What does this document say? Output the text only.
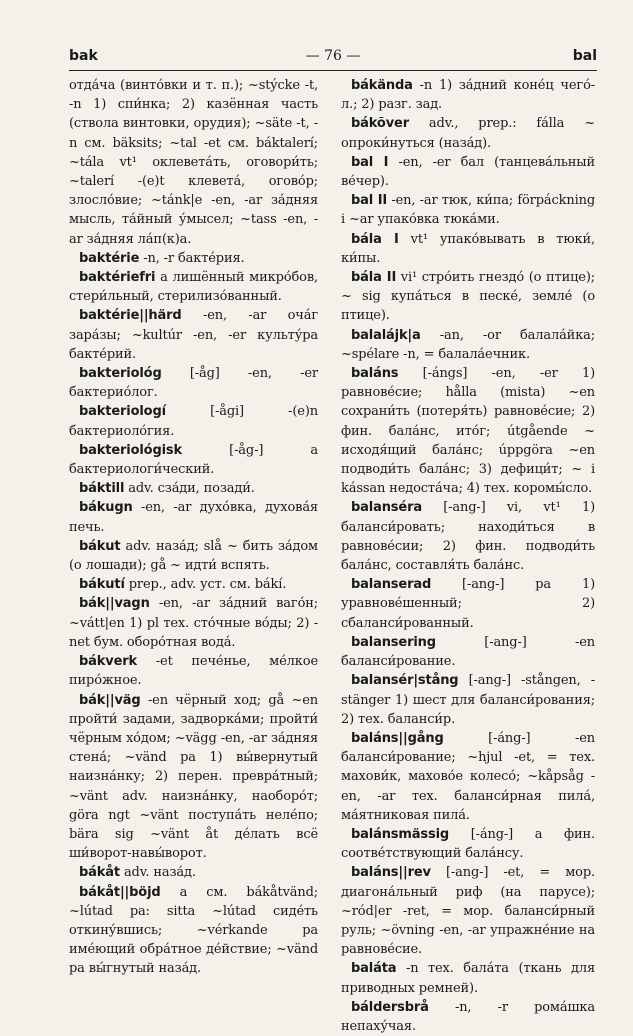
bak	— 76 —	bal

отда́ча (винто́вки и т. п.); ~stýcke -t, -n 1) спи́нка; 2) казённая часть (ствола винтовки, орудия); ~säte -t, -n см. bäksits; ~tal -et см. báktalerí; ~tála vt¹ оклевета́ть, оговори́ть; ~talerí -(e)t клевета́, огово́р; злосло́вие; ~tánk|e -en, -ar за́дняя мысль, та́йный у́мысел; ~tass -en, -ar за́дняя ла́п(к)а.

baktérie -n, -r бакте́рия.

baktériefri a лишённый микро́бов, стери́льный, стерилизо́ванный.

baktérie||härd -en, -ar оча́г зара́зы; ~kultúr -en, -er культу́ра бакте́рий.

bakteriológ [-åg] -en, -er бактерио́лог.

bakteriologí [-ågi] -(e)n бактериоло́гия.

bakteriológisk [-åg-] a бактериологи́ческий.

báktill adv. сза́ди, позади́.

bákugn -en, -ar духо́вка, духова́я печь.

bákut adv. наза́д; slå ~ бить за́дом (о лошади); gå ~ идти́ вспять.

bákutí prep., adv. уст. см. bákí.

bák||vagn -en, -ar за́дний ваго́н; ~vátt|en 1) pl тех. сто́чные во́ды; 2) -net бум. оборо́тная вода́.

bákverk -et пече́нье, ме́лкое пиро́жное.

bák||väg -en чёрный ход; gå ~en пройти́ задами, задворка́ми; пройти́ чёрным хо́дом; ~vägg -en, -ar за́дняя стена́; ~vänd pa 1) вы́вернутый наизна́нку; 2) перен. превра́тный; ~vänt adv. наизна́нку, наоборо́т; göra ngt ~vänt поступа́ть неле́по; bära sig ~vänt åt де́лать всё ши́ворот-навы́ворот.

bákåt adv. наза́д.

bákåt||böjd a см. bákåtvänd; ~lútad pa: sitta ~lútad сиде́ть откину́вшись; ~vérkande pa име́ющий обра́тное де́йствие; ~vänd pa вы́гнутый наза́д.

bákända -n 1) за́дний коне́ц чего́-л.; 2) разг. зад.

bákõver adv., prep.: fálla ~ опроки́нуться (наза́д).

bal I -en, -er бал (танцева́льный ве́чер).

bal II -en, -ar тюк, ки́па; förpáckning i ~ar упако́вка тюка́ми.

bála I vt¹ упако́вывать в тюки́, ки́пы.

bála II vi¹ стро́ить гнездо́ (о птице); ~ sig купа́ться в песке́, земле́ (о птице).

balaláјk|a -an, -or балала́йка; ~spélare -n, = балала́ечник.

baláns [-ángs] -en, -er 1) равнове́сие; hålla (mista) ~en сохрани́ть (потеря́ть) равнове́сие; 2) фин. бала́нс, ито́г; útgående ~ исходя́щий бала́нс; úppgöra ~en подводи́ть бала́нс; 3) дефици́т; ~ i kássan недоста́ча; 4) тех. коромы́сло.

balanséra [-ang-] vi, vt¹ 1) баланси́ровать; находи́ться в равнове́сии; 2) фин. подводи́ть бала́нс, составля́ть бала́нс.

balanserad [-ang-] pa 1) уравнове́шенный; 2) сбаланси́рованный.

balansering [-ang-] -en баланси́рование.

balansér|stång [-ang-] -stången, -stänger 1) шест для баланси́рования; 2) тех. баланси́р.

baláns||gång [-áng-] -en баланси́рование; ~hjul -et, = тех. махови́к, махово́е колесо́; ~kåpsåg -en, -ar тех. баланси́рная пила́, ма́ятниковая пила́.

balánsmässig [-áng-] a фин. соотве́тствующий бала́нсу.

baláns||rev [-ang-] -et, = мор. диагона́льный риф (на парусе); ~ród|er -ret, = мор. баланси́рный руль; ~övning -en, -ar упражне́ние на равнове́сие.

baláta -n тех. бала́та (ткань для приводных ремней).

báldersbrå -n, -r рома́шка непаху́чая.
